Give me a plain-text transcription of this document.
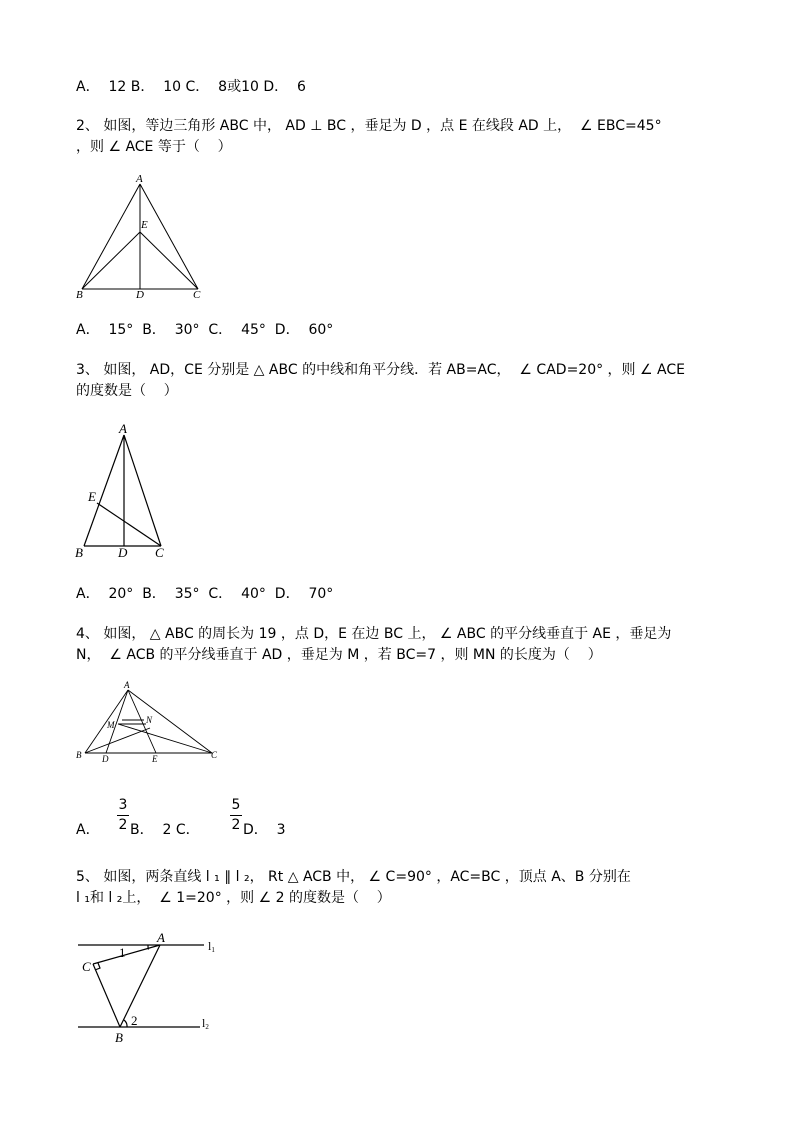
A．  12 B．  10 C．  8或10 D．  6
2、 如图，等边三角形 ABC 中， AD ⊥ BC ，垂足为 D ，点 E 在线段 AD 上，  ∠ EBC=45°
，则 ∠ ACE 等于（    ）
A
E
B	D	C
A．  15°  B．  30°  C．  45°  D．  60°
3、 如图， AD，CE 分别是 △ ABC 的中线和角平分线．若 AB=AC，  ∠ CAD=20° ，则 ∠ ACE
的度数是（    ）
A
E
B	D C
A．  20°  B．  35°  C．  40°  D．  70°
4、 如图， △ ABC 的周长为 19 ，点 D，E 在边 BC 上， ∠ ABC 的平分线垂直于 AE ，垂足为
N，  ∠ ACB 的平分线垂直于 AD ，垂足为 M ，若 BC=7 ，则 MN 的长度为（    ）
A
M	N
B D	E	C
A．
3
2 B．  2 C．
5
2 D．  3
5、 如图，两条直线 l ₁ ∥ l ₂， Rt △ ACB 中， ∠ C=90° ，AC=BC ，顶点 A、B 分别在
l ₁和 l ₂上，  ∠ 1=20° ，则 ∠ 2 的度数是（    ）
A
C
B
1
2
l1
l2
